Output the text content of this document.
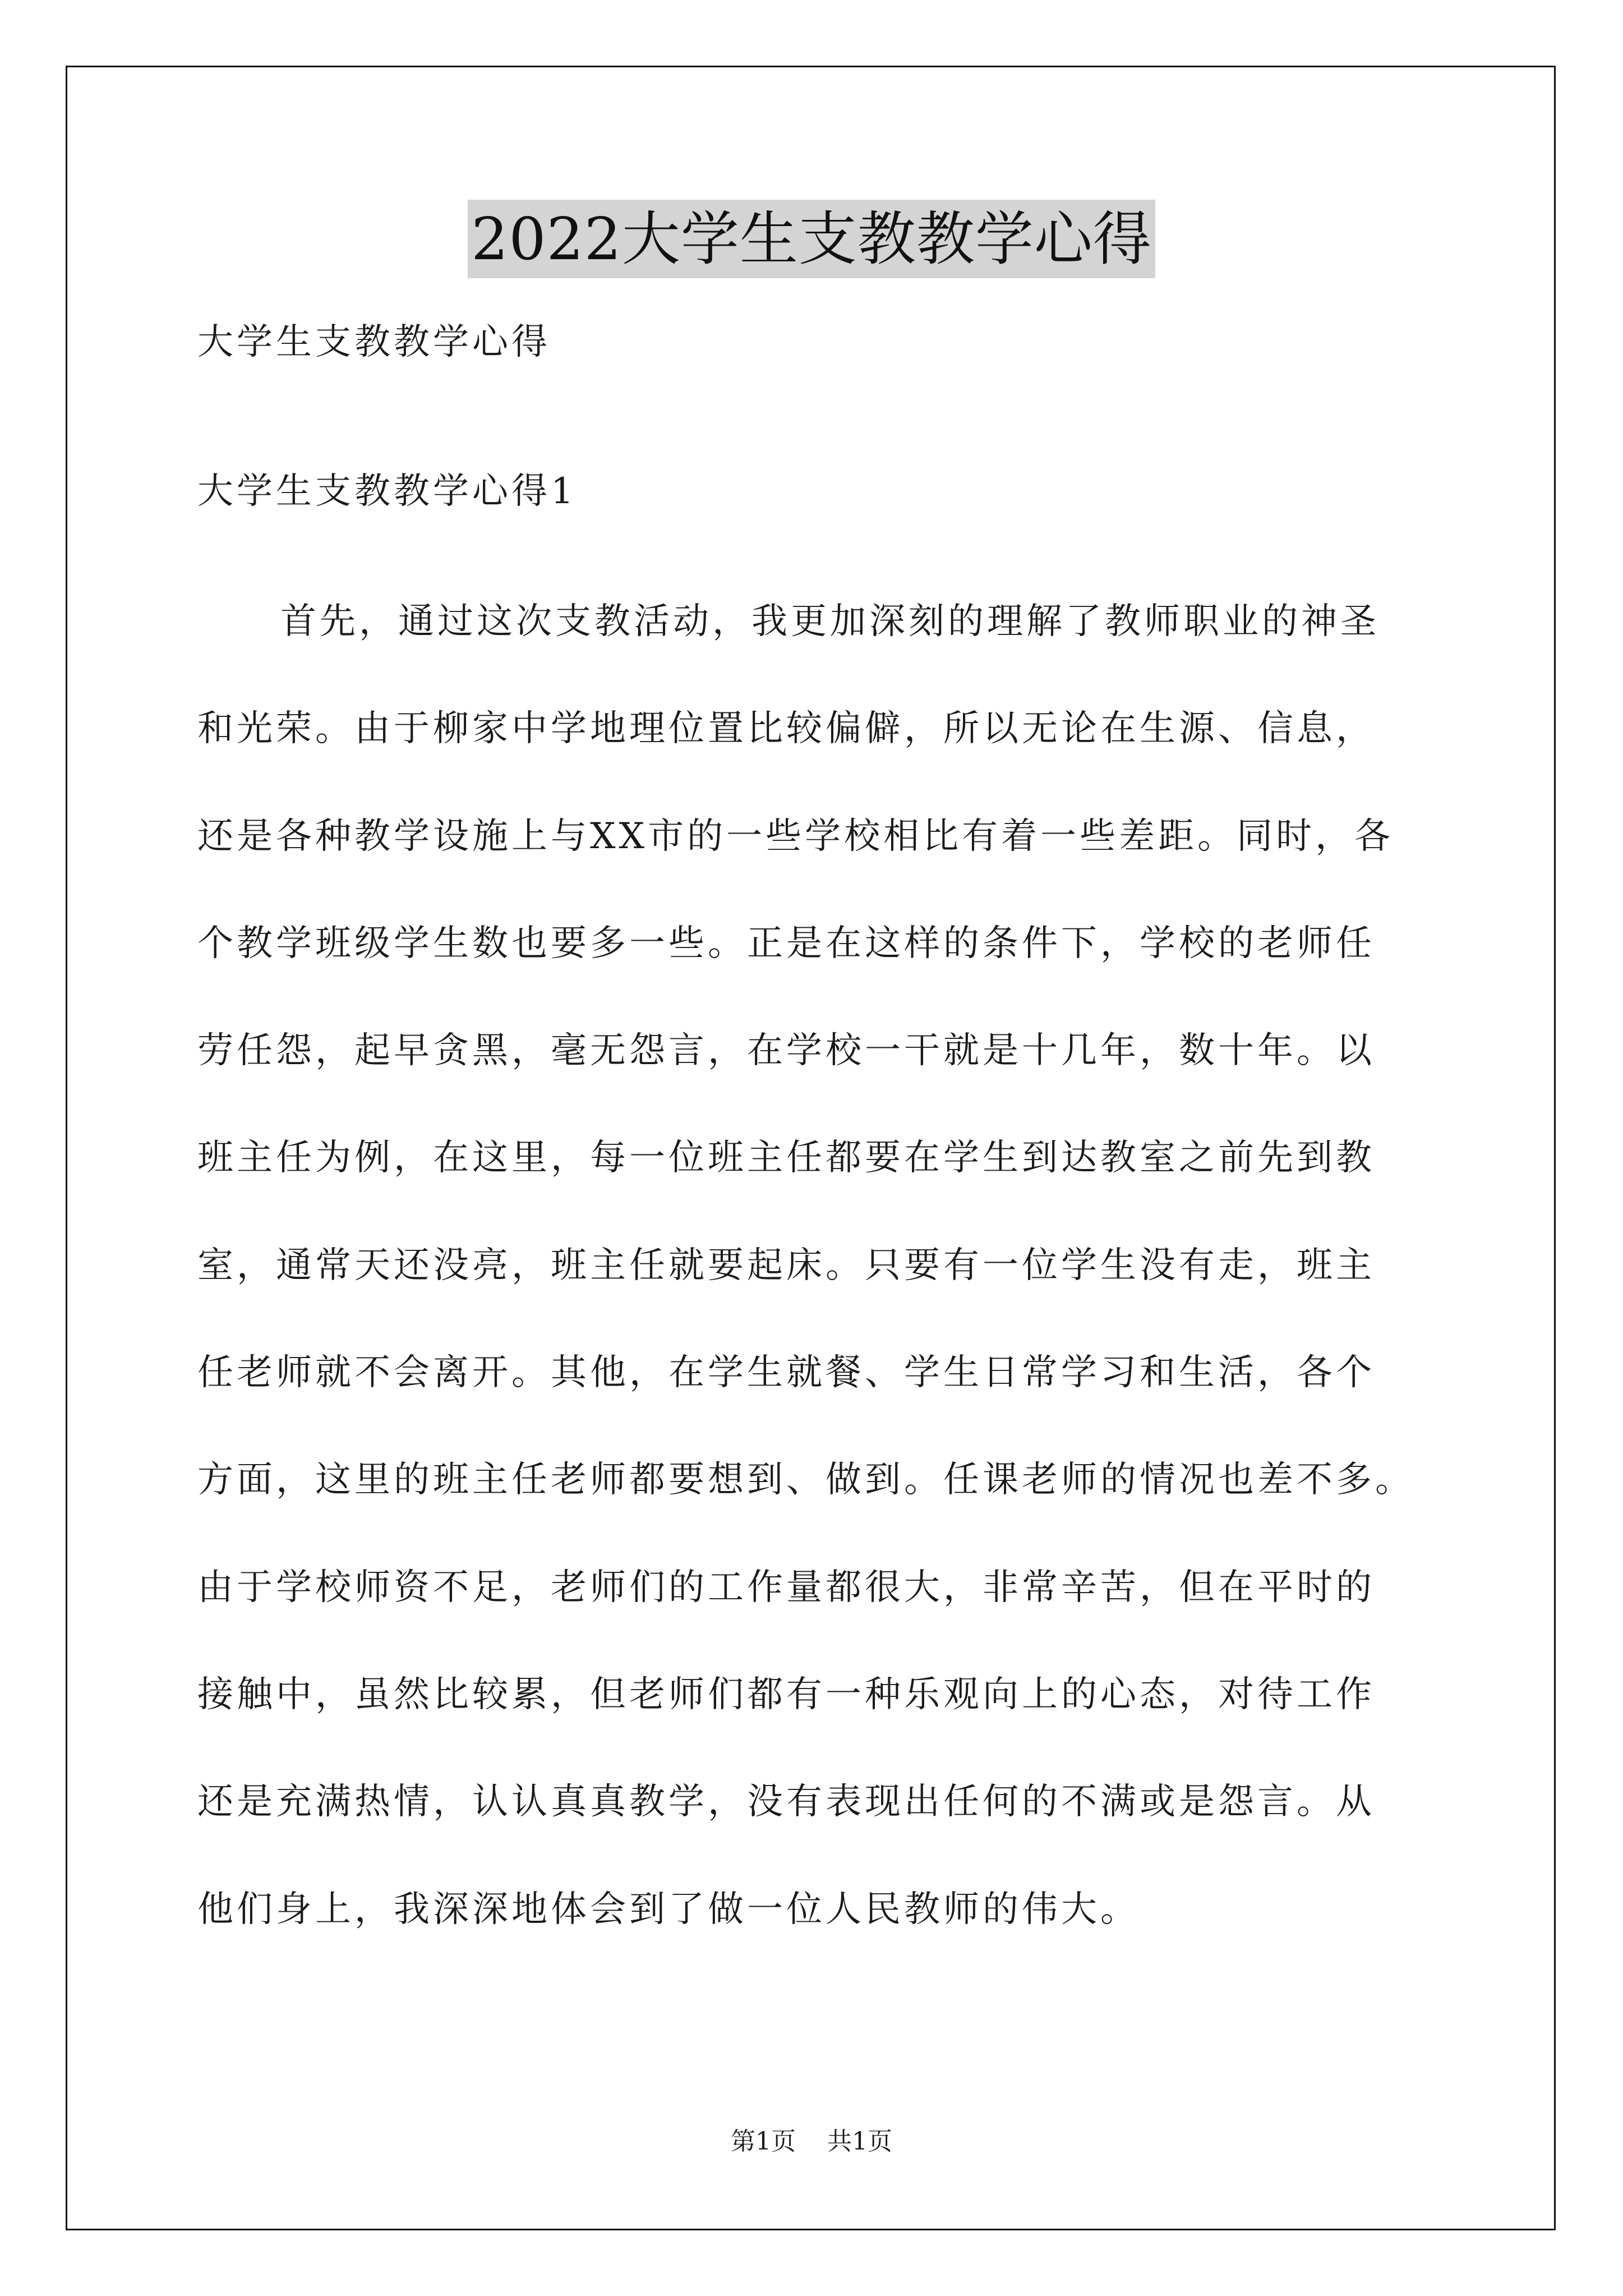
2022大学生支教教学心得
大学生支教教学心得
大学生支教教学心得1
首先，通过这次支教活动，我更加深刻的理解了教师职业的神圣
和光荣。由于柳家中学地理位置比较偏僻，所以无论在生源、信息，
还是各种教学设施上与XX市的一些学校相比有着一些差距。同时，各
个教学班级学生数也要多一些。正是在这样的条件下，学校的老师任
劳任怨，起早贪黑，毫无怨言，在学校一干就是十几年，数十年。以
班主任为例，在这里，每一位班主任都要在学生到达教室之前先到教
室，通常天还没亮，班主任就要起床。只要有一位学生没有走，班主
任老师就不会离开。其他，在学生就餐、学生日常学习和生活，各个
方面，这里的班主任老师都要想到、做到。任课老师的情况也差不多。
由于学校师资不足，老师们的工作量都很大，非常辛苦，但在平时的
接触中，虽然比较累，但老师们都有一种乐观向上的心态，对待工作
还是充满热情，认认真真教学，没有表现出任何的不满或是怨言。从
他们身上，我深深地体会到了做一位人民教师的伟大。
第1页 共1页
